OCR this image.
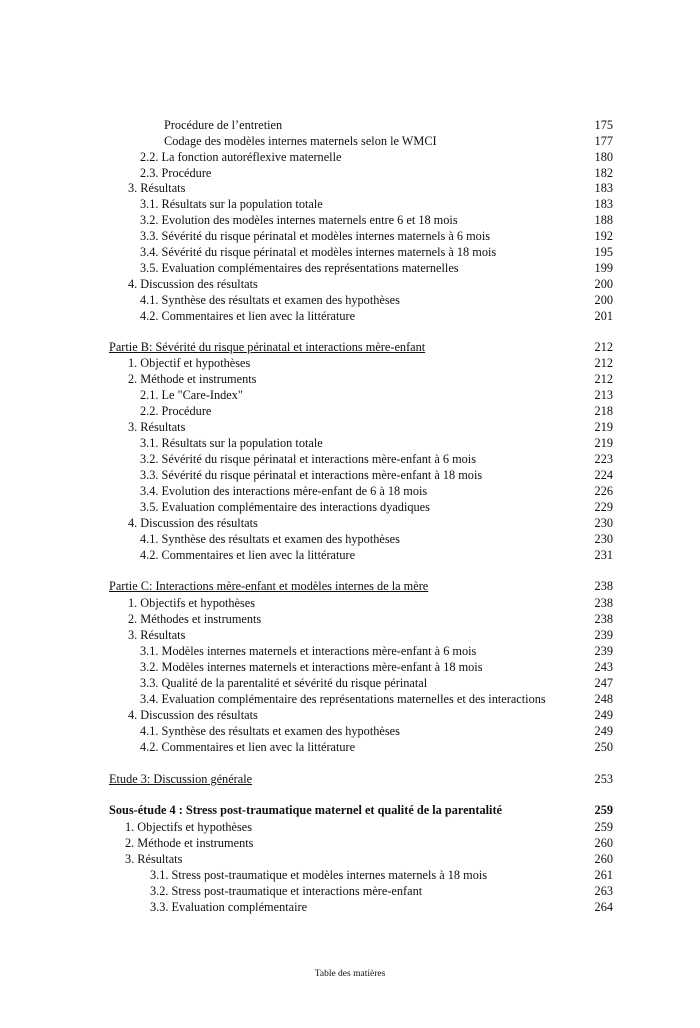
Procédure de l’entretien	175
Codage des modèles internes maternels selon le WMCI	177
2.2. La fonction autoréflexive maternelle	180
2.3. Procédure	182
3. Résultats	183
3.1. Résultats sur la population totale	183
3.2. Evolution des modèles internes maternels entre 6 et 18 mois	188
3.3. Sévérité du risque périnatal et modèles internes maternels à 6 mois	192
3.4. Sévérité du risque périnatal et modèles internes maternels à 18 mois	195
3.5. Evaluation complémentaires des représentations maternelles	199
4. Discussion des résultats	200
4.1. Synthèse des résultats et examen des hypothèses	200
4.2. Commentaires et lien avec la littérature	201
Partie B: Sévérité du risque périnatal et interactions mère-enfant	212
1. Objectif et hypothèses	212
2. Méthode et instruments	212
2.1. Le "Care-Index"	213
2.2. Procédure	218
3. Résultats	219
3.1. Résultats sur la population totale	219
3.2. Sévérité du risque périnatal et interactions mère-enfant à 6 mois	223
3.3. Sévérité du risque périnatal et interactions mère-enfant à 18 mois	224
3.4. Evolution des interactions mère-enfant de 6 à 18 mois	226
3.5. Evaluation complémentaire des interactions dyadiques	229
4. Discussion des résultats	230
4.1. Synthèse des résultats et examen des hypothèses	230
4.2. Commentaires et lien avec la littérature	231
Partie C: Interactions mère-enfant et modèles internes de la mère	238
1. Objectifs et hypothèses	238
2. Méthodes et instruments	238
3. Résultats	239
3.1. Modèles internes maternels et interactions mère-enfant à 6 mois	239
3.2. Modèles internes maternels et interactions mère-enfant à 18 mois	243
3.3. Qualité de la parentalité et sévérité du risque périnatal	247
3.4. Evaluation complémentaire des représentations maternelles et des interactions	248
4. Discussion des résultats	249
4.1. Synthèse des résultats et examen des hypothèses	249
4.2. Commentaires et lien avec la littérature	250
Etude 3: Discussion générale	253
Sous-étude 4 : Stress post-traumatique maternel et qualité de la parentalité	259
1. Objectifs et hypothèses	259
2. Méthode et instruments	260
3. Résultats	260
3.1. Stress post-traumatique et modèles internes maternels à 18 mois	261
3.2. Stress post-traumatique et interactions mère-enfant	263
3.3. Evaluation complémentaire	264
Table des matières
